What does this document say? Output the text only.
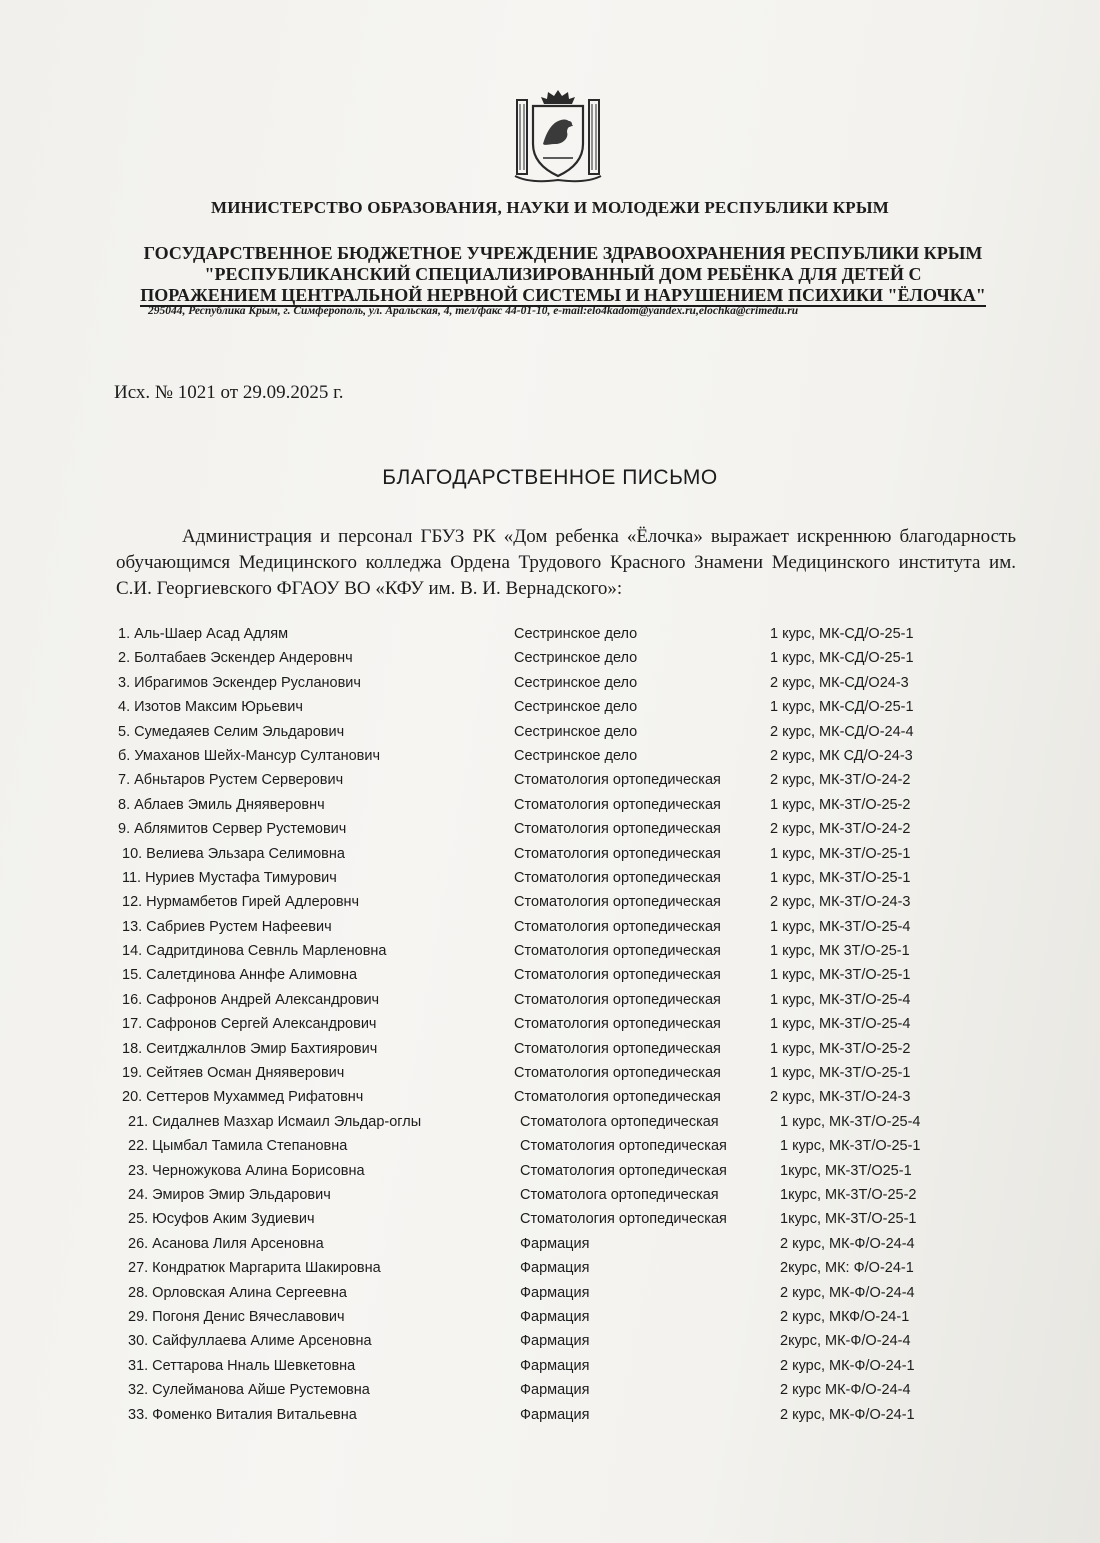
МИНИСТЕРСТВО ОБРАЗОВАНИЯ, НАУКИ И МОЛОДЕЖИ РЕСПУБЛИКИ КРЫМ
ГОСУДАРСТВЕННОЕ БЮДЖЕТНОЕ УЧРЕЖДЕНИЕ ЗДРАВООХРАНЕНИЯ РЕСПУБЛИКИ КРЫМ
"РЕСПУБЛИКАНСКИЙ СПЕЦИАЛИЗИРОВАННЫЙ ДОМ РЕБЁНКА ДЛЯ ДЕТЕЙ С
ПОРАЖЕНИЕМ ЦЕНТРАЛЬНОЙ НЕРВНОЙ СИСТЕМЫ И НАРУШЕНИЕМ ПСИХИКИ "ЁЛОЧКА"
295044, Республика Крым, г. Симферополь, ул. Аральская, 4, тел/факс 44-01-10, e-mail:elo4kadom@yandex.ru,elochka@crimedu.ru
Исх. № 1021 от 29.09.2025 г.
БЛАГОДАРСТВЕННОЕ ПИСЬМО

Администрация и персонал ГБУЗ РК «Дом ребенка «Ёлочка» выражает искреннюю благодарность обучающимся Медицинского колледжа Ордена Трудового Красного Знамени Медицинского института им. С.И. Георгиевского ФГАОУ ВО «КФУ им. В. И. Вернадского»:

1. Аль-Шаер Асад Адлям	Сестринское дело	1 курс, МК-СД/О-25-1
2. Болтабаев Эскендер Андеровнч	Сестринское дело	1 курс, МК-СД/О-25-1
3. Ибрагимов Эскендер Русланович	Сестринское дело	2 курс, МК-СД/О24-3
4. Изотов Максим Юрьевич	Сестринское дело	1 курс, МК-СД/О-25-1
5. Сумедаяев Селим Эльдарович	Сестринское дело	2 курс, МК-СД/О-24-4
б. Умаханов Шейх-Мансур Султанович	Сестринское дело	2 курс, МК СД/О-24-3
7. Абньтаров Рустем Серверович	Стоматология ортопедическая	2 курс, МК-3Т/О-24-2
8. Аблаев Эмиль Дняяверовнч	Стоматология ортопедическая	1 курс, МК-3Т/О-25-2
9. Аблямитов Сервер Рустемович	Стоматология ортопедическая	2 курс, МК-3Т/О-24-2
10. Велиева Эльзара Селимовна	Стоматология ортопедическая	1 курс, МК-3Т/О-25-1
11. Нуриев Мустафа Тимурович	Стоматология ортопедическая	1 курс, МК-3Т/О-25-1
12. Нурмамбетов Гирей Адлеровнч	Стоматология ортопедическая	2 курс, МК-3Т/О-24-3
13. Сабриев Рустем Нафеевич	Стоматология ортопедическая	1 курс, МК-3Т/О-25-4
14. Садритдинова Севнль Марленовна	Стоматология ортопедическая	1 курс, МК 3Т/О-25-1
15. Салетдинова Аннфе Алимовна	Стоматология ортопедическая	1 курс, МК-3Т/О-25-1
16. Сафронов Андрей Александрович	Стоматология ортопедическая	1 курс, МК-3Т/О-25-4
17. Сафронов Сергей Александрович	Стоматология ортопедическая	1 курс, МК-3Т/О-25-4
18. Сеитджалнлов Эмир Бахтиярович	Стоматология ортопедическая	1 курс, МК-3Т/О-25-2
19. Сейтяев Осман Дняяверович	Стоматология ортопедическая	1 курс, МК-3Т/О-25-1
20. Сеттеров Мухаммед Рифатовнч	Стоматология ортопедическая	2 курс, МК-3Т/О-24-3
21. Сидалнев Мазхар Исмаил Эльдар-оглы	Стоматолога ортопедическая	1 курс, МК-3Т/О-25-4
22. Цымбал Тамила Степановна	Стоматология ортопедическая	1 курс, МК-3Т/О-25-1
23. Черножукова Алина Борисовна	Стоматология ортопедическая	1курс, МК-3Т/О25-1
24. Эмиров Эмир Эльдарович	Стоматолога ортопедическая	1курс, МК-3Т/О-25-2
25. Юсуфов Аким Зудиевич	Стоматология ортопедическая	1курс, МК-3Т/О-25-1
26. Асанова Лиля Арсеновна	Фармация	2 курс, МК-Ф/О-24-4
27. Кондратюк Маргарита Шакировна	Фармация	2курс, МК: Ф/О-24-1
28. Орловская Алина Сергеевна	Фармация	2 курс, МК-Ф/О-24-4
29. Погоня Денис Вячеславович	Фармация	2 курс, МКФ/О-24-1
30. Сайфуллаева Алиме Арсеновна	Фармация	2курс, МК-Ф/О-24-4
31. Сеттарова Нналь Шевкетовна	Фармация	2 курс, МК-Ф/О-24-1
32. Сулейманова Айше Рустемовна	Фармация	2 курс МК-Ф/О-24-4
33. Фоменко Виталия Витальевна	Фармация	2 курс, МК-Ф/О-24-1
